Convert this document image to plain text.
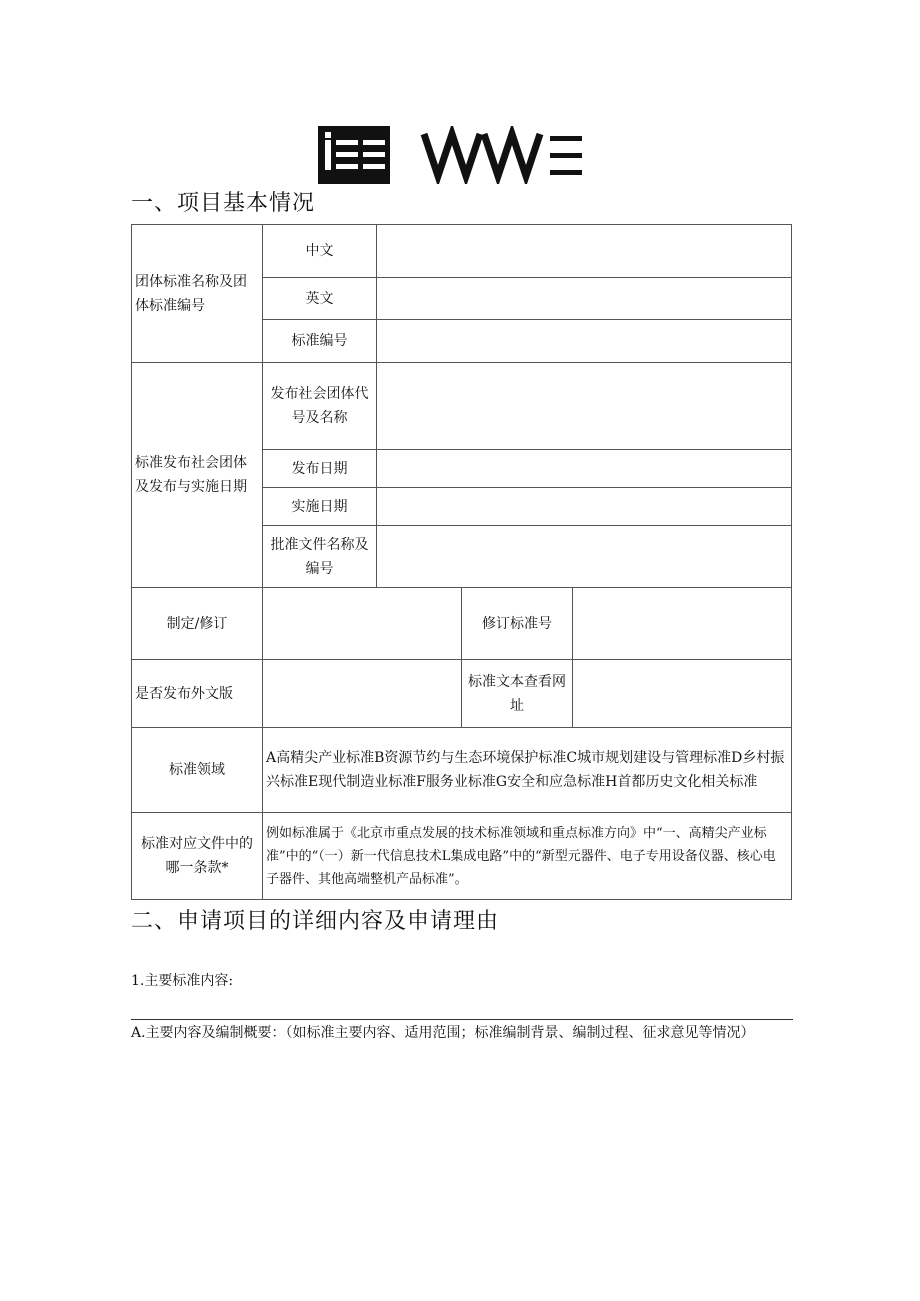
一、项目基本情况
团体标准名称及团体标准编号	中文			
	英文			
	标准编号			
标准发布社会团体及发布与实施日期	发布社会团体代号及名称			
	发布日期			
	实施日期			
	批准文件名称及编号			
制定/修订			修订标准号	
是否发布外文版			标准文本查看网址	
标准领域	A高精尖产业标准B资源节约与生态环境保护标准C城市规划建设与管理标准D乡村振兴标准E现代制造业标准F服务业标准G安全和应急标准H首都历史文化相关标准			
标准对应文件中的哪一条款*	例如标准属于《北京市重点发展的技术标准领域和重点标准方向》中“一、高精尖产业标准”中的“（一）新一代信息技术L集成电路”中的“新型元器件、电子专用设备仪器、核心电子器件、其他高端整机产品标准”。			
二、申请项目的详细内容及申请理由
1.主要标准内容:
A.主要内容及编制概要：（如标准主要内容、适用范围；标准编制背景、编制过程、征求意见等情况）
